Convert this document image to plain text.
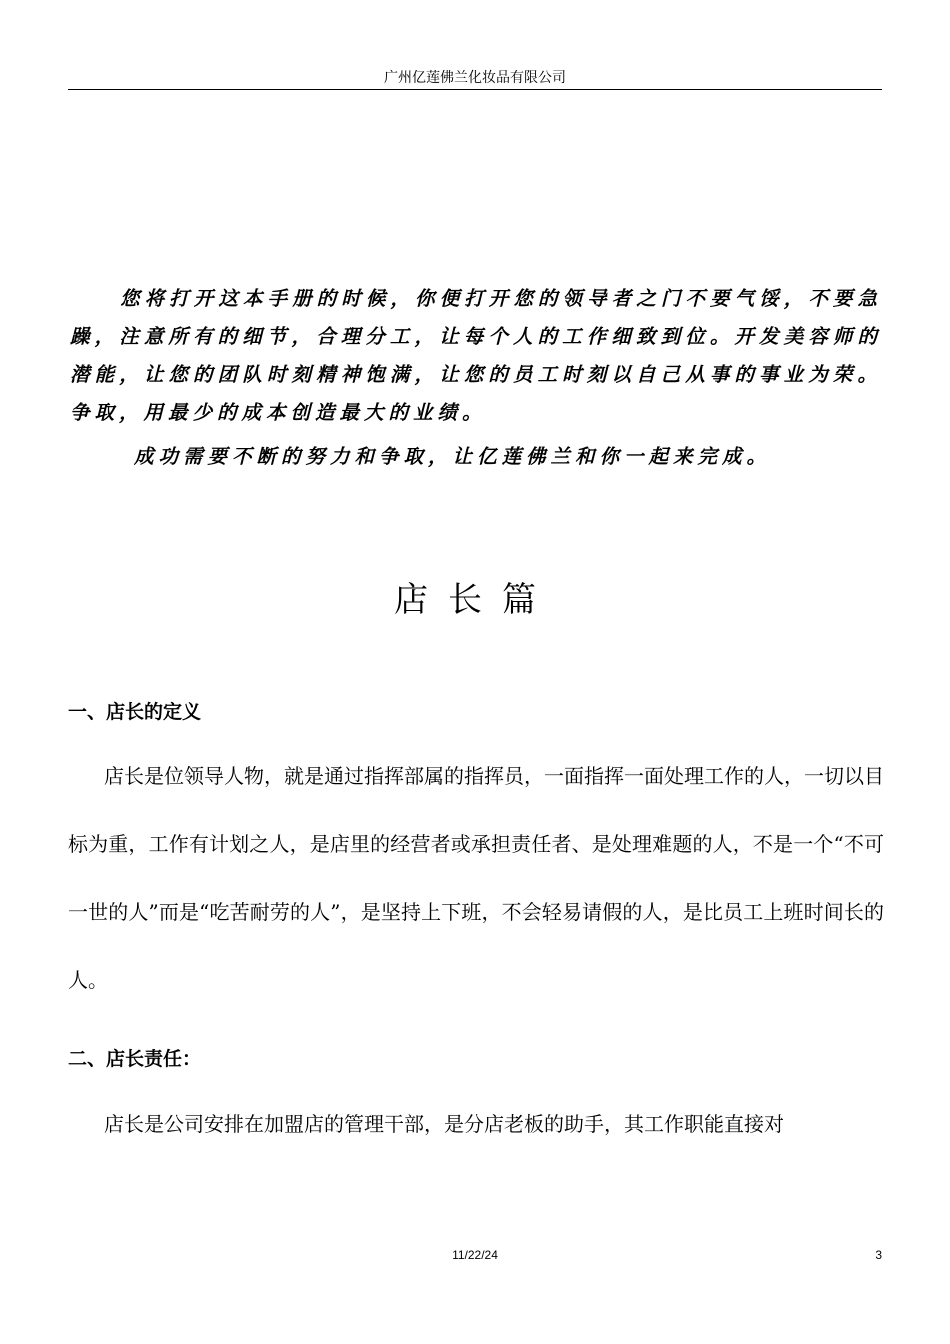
广州亿莲佛兰化妆品有限公司

您将打开这本手册的时候，你便打开您的领导者之门不要气馁，不要急躁，注意所有的细节，合理分工，让每个人的工作细致到位。开发美容师的潜能，让您的团队时刻精神饱满，让您的员工时刻以自己从事的事业为荣。争取，用最少的成本创造最大的业绩。

成功需要不断的努力和争取，让亿莲佛兰和你一起来完成。

店长篇
一、店长的定义

店长是位领导人物，就是通过指挥部属的指挥员，一面指挥一面处理工作的人，一切以目标为重，工作有计划之人，是店里的经营者或承担责任者、是处理难题的人，不是一个“不可一世的人”而是“吃苦耐劳的人”，是坚持上下班，不会轻易请假的人，是比员工上班时间长的人。

二、店长责任：

店长是公司安排在加盟店的管理干部，是分店老板的助手，其工作职能直接对

11/22/24	3
